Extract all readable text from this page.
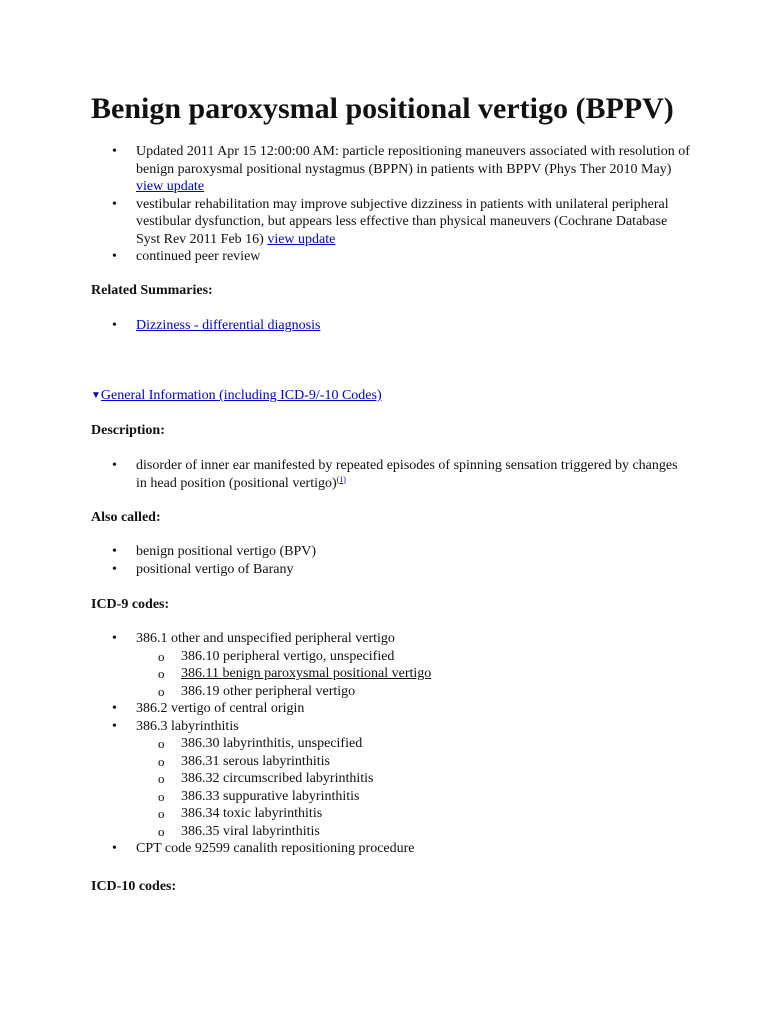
Benign paroxysmal positional vertigo (BPPV)
• Updated 2011 Apr 15 12:00:00 AM: particle repositioning maneuvers associated with resolution of benign paroxysmal positional nystagmus (BPPN) in patients with BPPV (Phys Ther 2010 May) view update
• vestibular rehabilitation may improve subjective dizziness in patients with unilateral peripheral vestibular dysfunction, but appears less effective than physical maneuvers (Cochrane Database Syst Rev 2011 Feb 16) view update
• continued peer review
Related Summaries:
• Dizziness - differential diagnosis
▼General Information (including ICD-9/-10 Codes)
Description:
• disorder of inner ear manifested by repeated episodes of spinning sensation triggered by changes in head position (positional vertigo)$^{(1)}$
Also called:
• benign positional vertigo (BPV)
• positional vertigo of Barany
ICD-9 codes:
• 386.1 other and unspecified peripheral vertigo
o 386.10 peripheral vertigo, unspecified
o 386.11 benign paroxysmal positional vertigo
o 386.19 other peripheral vertigo
• 386.2 vertigo of central origin
• 386.3 labyrinthitis
o 386.30 labyrinthitis, unspecified
o 386.31 serous labyrinthitis
o 386.32 circumscribed labyrinthitis
o 386.33 suppurative labyrinthitis
o 386.34 toxic labyrinthitis
o 386.35 viral labyrinthitis
• CPT code 92599 canalith repositioning procedure
ICD-10 codes:
